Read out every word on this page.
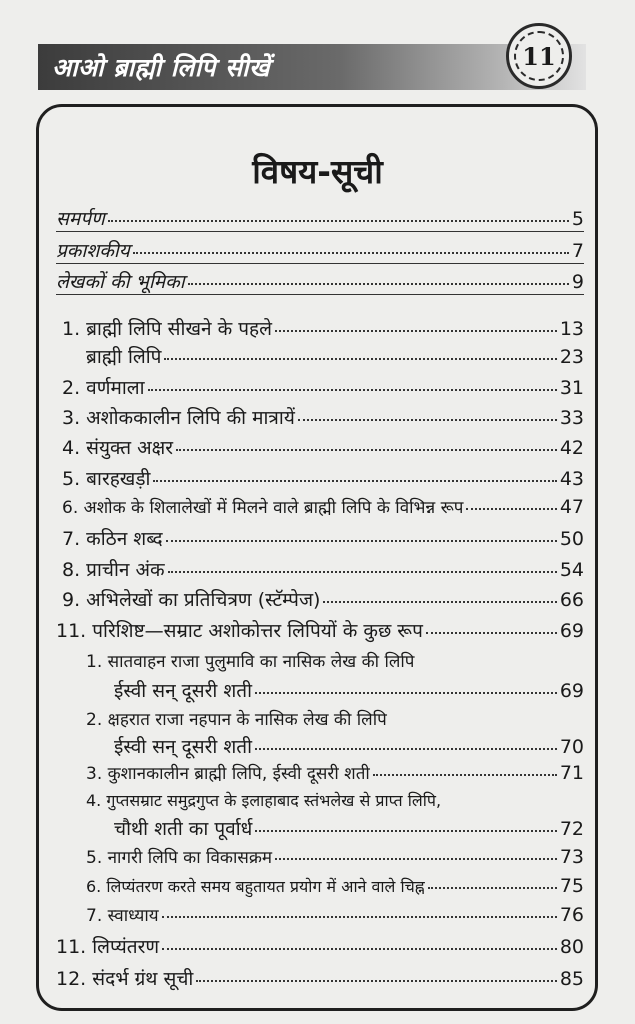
आओ ब्राह्मी लिपि सीखें	11
विषय-सूची
समर्पण	5
प्रकाशकीय	7
लेखकों की भूमिका	9
1. ब्राह्मी लिपि सीखने के पहले	13
ब्राह्मी लिपि	23
2. वर्णमाला	31
3. अशोककालीन लिपि की मात्रायें	33
4. संयुक्त अक्षर	42
5. बारहखड़ी	43
6. अशोक के शिलालेखों में मिलने वाले ब्राह्मी लिपि के विभिन्न रूप	47
7. कठिन शब्द	50
8. प्राचीन अंक	54
9. अभिलेखों का प्रतिचित्रण (स्टॅम्पेज)	66
11. परिशिष्ट—सम्राट अशोकोत्तर लिपियों के कुछ रूप	69
1. सातवाहन राजा पुलुमावि का नासिक लेख की लिपि
ईस्वी सन् दूसरी शती	69
2. क्षहरात राजा नहपान के नासिक लेख की लिपि
ईस्वी सन् दूसरी शती	70
3. कुशानकालीन ब्राह्मी लिपि, ईस्वी दूसरी शती	71
4. गुप्तसम्राट समुद्रगुप्त के इलाहाबाद स्तंभलेख से प्राप्त लिपि,
चौथी शती का पूर्वार्ध	72
5. नागरी लिपि का विकासक्रम	73
6. लिप्यंतरण करते समय बहुतायत प्रयोग में आने वाले चिह्न	75
7. स्वाध्याय	76
11. लिप्यंतरण	80
12. संदर्भ ग्रंथ सूची	85
